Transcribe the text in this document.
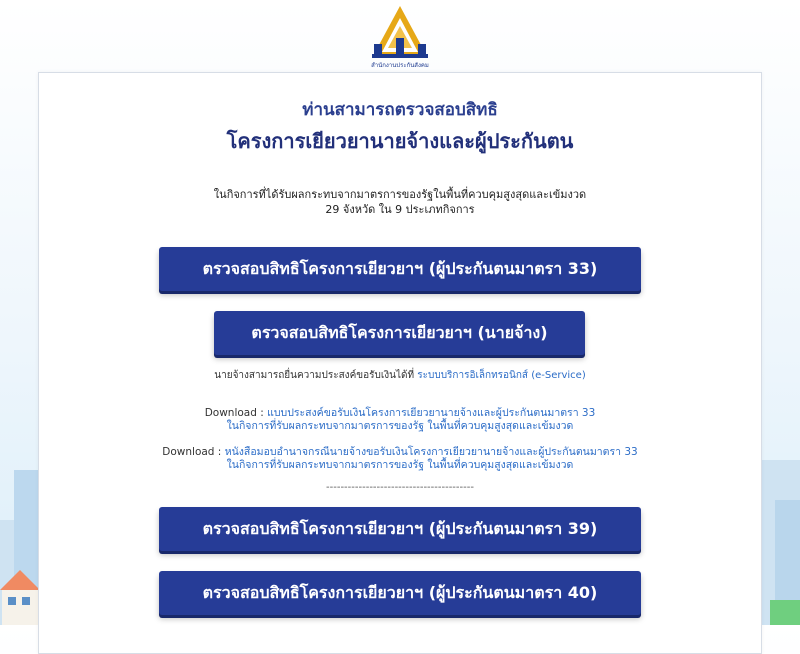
สำนักงานประกันสังคม
ท่านสามารถตรวจสอบสิทธิ
โครงการเยียวยานายจ้างและผู้ประกันตน
ในกิจการที่ได้รับผลกระทบจากมาตรการของรัฐในพื้นที่ควบคุมสูงสุดและเข้มงวด
29 จังหวัด ใน 9 ประเภทกิจการ
ตรวจสอบสิทธิโครงการเยียวยาฯ (ผู้ประกันตนมาตรา 33)
ตรวจสอบสิทธิโครงการเยียวยาฯ (นายจ้าง)
นายจ้างสามารถยื่นความประสงค์ขอรับเงินได้ที่ ระบบบริการอิเล็กทรอนิกส์ (e-Service)
Download : แบบประสงค์ขอรับเงินโครงการเยียวยานายจ้างและผู้ประกันตนมาตรา 33
ในกิจการที่รับผลกระทบจากมาตรการของรัฐ ในพื้นที่ควบคุมสูงสุดและเข้มงวด
Download : หนังสือมอบอำนาจกรณีนายจ้างขอรับเงินโครงการเยียวยานายจ้างและผู้ประกันตนมาตรา 33
ในกิจการที่รับผลกระทบจากมาตรการของรัฐ ในพื้นที่ควบคุมสูงสุดและเข้มงวด
-----------------------------------------
ตรวจสอบสิทธิโครงการเยียวยาฯ (ผู้ประกันตนมาตรา 39)
ตรวจสอบสิทธิโครงการเยียวยาฯ (ผู้ประกันตนมาตรา 40)
